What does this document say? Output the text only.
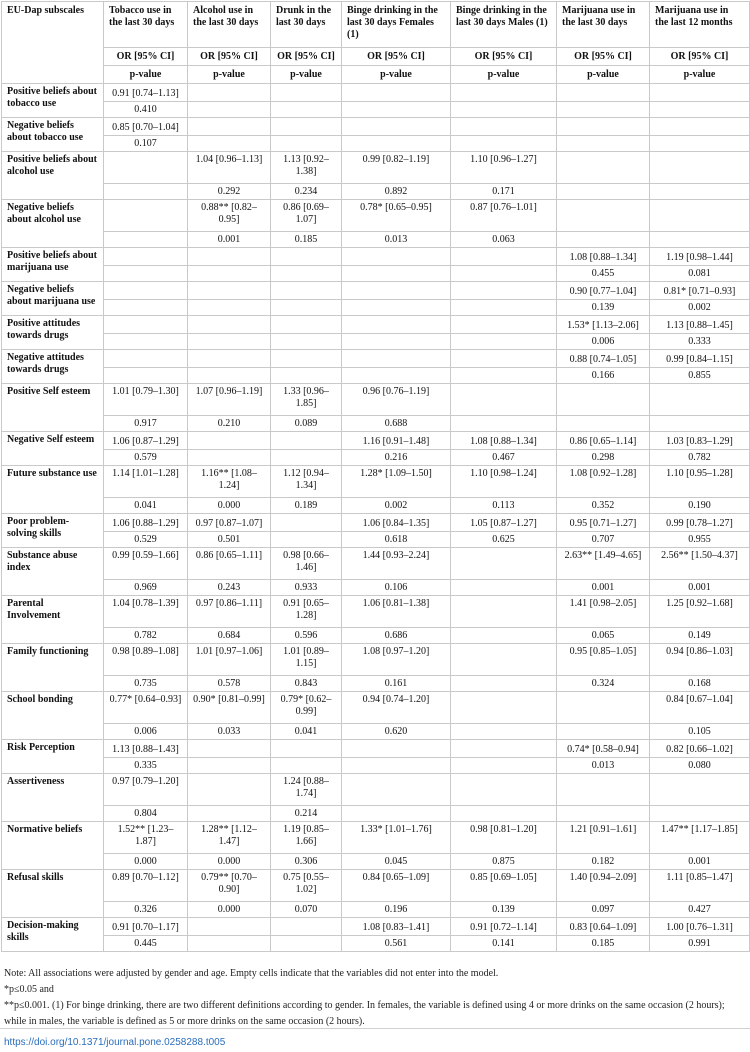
EU-Dap subscales	Tobacco use in the last 30 days	Alcohol use in the last 30 days	Drunk in the last 30 days	Binge drinking in the last 30 days Females (1)	Binge drinking in the last 30 days Males (1)	Marijuana use in the last 30 days	Marijuana use in the last 12 months
	OR [95% CI]	OR [95% CI]	OR [95% CI]	OR [95% CI]	OR [95% CI]	OR [95% CI]	OR [95% CI]
	p-value	p-value	p-value	p-value	p-value	p-value	p-value
Positive beliefs about tobacco use	0.91 [0.74–1.13]						
	0.410						
Negative beliefs about tobacco use	0.85 [0.70–1.04]						
	0.107						
Positive beliefs about alcohol use		1.04 [0.96–1.13]	1.13 [0.92–1.38]	0.99 [0.82–1.19]	1.10 [0.96–1.27]		
		0.292	0.234	0.892	0.171		
Negative beliefs about alcohol use		0.88** [0.82–0.95]	0.86 [0.69–1.07]	0.78* [0.65–0.95]	0.87 [0.76–1.01]		
		0.001	0.185	0.013	0.063		
Positive beliefs about marijuana use						1.08 [0.88–1.34]	1.19 [0.98–1.44]
						0.455	0.081
Negative beliefs about marijuana use						0.90 [0.77–1.04]	0.81* [0.71–0.93]
						0.139	0.002
Positive attitudes towards drugs						1.53* [1.13–2.06]	1.13 [0.88–1.45]
						0.006	0.333
Negative attitudes towards drugs						0.88 [0.74–1.05]	0.99 [0.84–1.15]
						0.166	0.855
Positive Self esteem	1.01 [0.79–1.30]	1.07 [0.96–1.19]	1.33 [0.96–1.85]	0.96 [0.76–1.19]			
	0.917	0.210	0.089	0.688			
Negative Self esteem	1.06 [0.87–1.29]			1.16 [0.91–1.48]	1.08 [0.88–1.34]	0.86 [0.65–1.14]	1.03 [0.83–1.29]
	0.579			0.216	0.467	0.298	0.782
Future substance use	1.14 [1.01–1.28]	1.16** [1.08–1.24]	1.12 [0.94–1.34]	1.28* [1.09–1.50]	1.10 [0.98–1.24]	1.08 [0.92–1.28]	1.10 [0.95–1.28]
	0.041	0.000	0.189	0.002	0.113	0.352	0.190
Poor problem-solving skills	1.06 [0.88–1.29]	0.97 [0.87–1.07]		1.06 [0.84–1.35]	1.05 [0.87–1.27]	0.95 [0.71–1.27]	0.99 [0.78–1.27]
	0.529	0.501		0.618	0.625	0.707	0.955
Substance abuse index	0.99 [0.59–1.66]	0.86 [0.65–1.11]	0.98 [0.66–1.46]	1.44 [0.93–2.24]		2.63** [1.49–4.65]	2.56** [1.50–4.37]
	0.969	0.243	0.933	0.106		0.001	0.001
Parental Involvement	1.04 [0.78–1.39]	0.97 [0.86–1.11]	0.91 [0.65–1.28]	1.06 [0.81–1.38]		1.41 [0.98–2.05]	1.25 [0.92–1.68]
	0.782	0.684	0.596	0.686		0.065	0.149
Family functioning	0.98 [0.89–1.08]	1.01 [0.97–1.06]	1.01 [0.89–1.15]	1.08 [0.97–1.20]		0.95 [0.85–1.05]	0.94 [0.86–1.03]
	0.735	0.578	0.843	0.161		0.324	0.168
School bonding	0.77* [0.64–0.93]	0.90* [0.81–0.99]	0.79* [0.62–0.99]	0.94 [0.74–1.20]			0.84 [0.67–1.04]
	0.006	0.033	0.041	0.620			0.105
Risk Perception	1.13 [0.88–1.43]					0.74* [0.58–0.94]	0.82 [0.66–1.02]
	0.335					0.013	0.080
Assertiveness	0.97 [0.79–1.20]		1.24 [0.88–1.74]				
	0.804		0.214				
Normative beliefs	1.52** [1.23–1.87]	1.28** [1.12–1.47]	1.19 [0.85–1.66]	1.33* [1.01–1.76]	0.98 [0.81–1.20]	1.21 [0.91–1.61]	1.47** [1.17–1.85]
	0.000	0.000	0.306	0.045	0.875	0.182	0.001
Refusal skills	0.89 [0.70–1.12]	0.79** [0.70–0.90]	0.75 [0.55–1.02]	0.84 [0.65–1.09]	0.85 [0.69–1.05]	1.40 [0.94–2.09]	1.11 [0.85–1.47]
	0.326	0.000	0.070	0.196	0.139	0.097	0.427
Decision-making skills	0.91 [0.70–1.17]			1.08 [0.83–1.41]	0.91 [0.72–1.14]	0.83 [0.64–1.09]	1.00 [0.76–1.31]
	0.445			0.561	0.141	0.185	0.991

Note: All associations were adjusted by gender and age. Empty cells indicate that the variables did not enter into the model.

*p≤0.05 and

**p≤0.001. (1) For binge drinking, there are two different definitions according to gender. In females, the variable is defined using 4 or more drinks on the same occasion (2 hours); while in males, the variable is defined as 5 or more drinks on the same occasion (2 hours).

https://doi.org/10.1371/journal.pone.0258288.t005
